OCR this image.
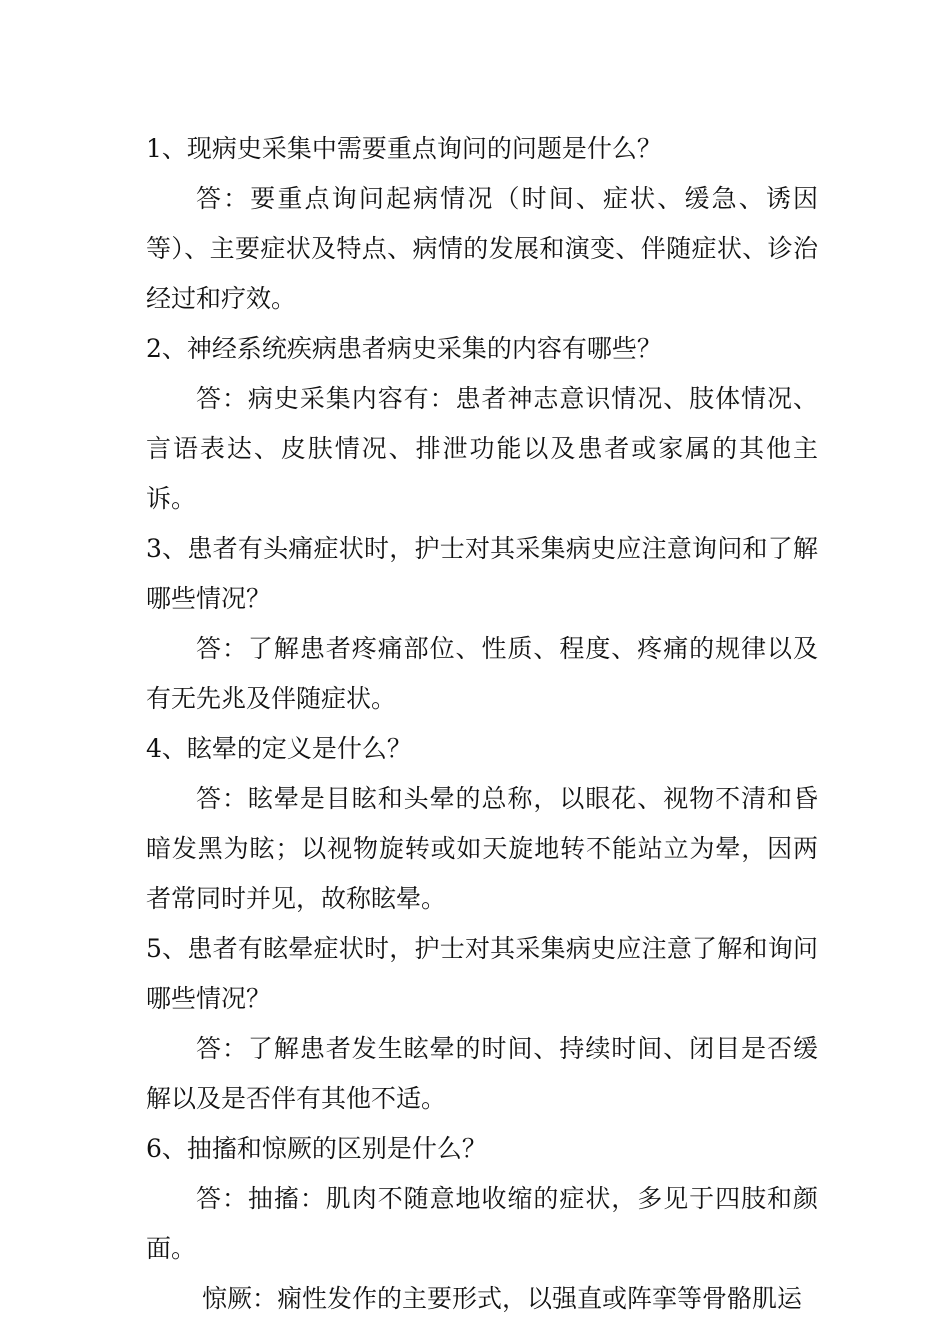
1、现病史采集中需要重点询问的问题是什么？

答：要重点询问起病情况（时间、症状、缓急、诱因等）、主要症状及特点、病情的发展和演变、伴随症状、诊治经过和疗效。

2、神经系统疾病患者病史采集的内容有哪些？

答：病史采集内容有：患者神志意识情况、肢体情况、言语表达、皮肤情况、排泄功能以及患者或家属的其他主诉。

3、患者有头痛症状时，护士对其采集病史应注意询问和了解哪些情况？

答：了解患者疼痛部位、性质、程度、疼痛的规律以及有无先兆及伴随症状。

4、眩晕的定义是什么？

答：眩晕是目眩和头晕的总称，以眼花、视物不清和昏暗发黑为眩；以视物旋转或如天旋地转不能站立为晕，因两者常同时并见，故称眩晕。

5、患者有眩晕症状时，护士对其采集病史应注意了解和询问哪些情况？

答：了解患者发生眩晕的时间、持续时间、闭目是否缓解以及是否伴有其他不适。

6、抽搐和惊厥的区别是什么？

答：抽搐：肌肉不随意地收缩的症状，多见于四肢和颜面。

惊厥：痫性发作的主要形式，以强直或阵挛等骨骼肌运
